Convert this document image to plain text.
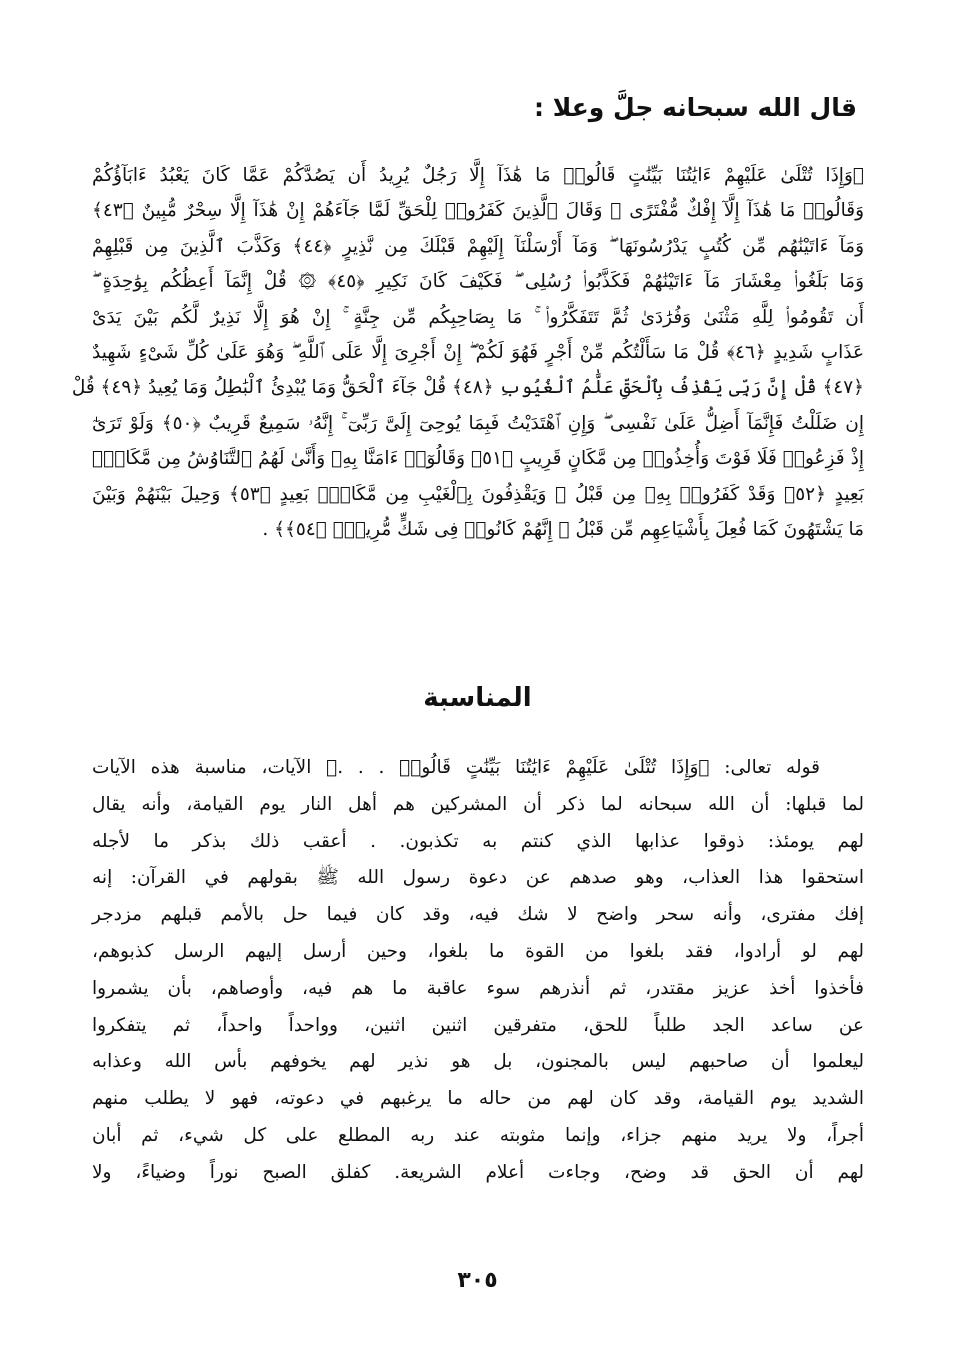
قال الله سبحانه جلَّ وعلا :
﴿وَإِذَا تُتْلَىٰ عَلَيْهِمْ ءَايَٰتُنَا بَيِّنَٰتٍ قَالُوا۟ مَا هَٰذَآ إِلَّا رَجُلٌ يُرِيدُ أَن يَصُدَّكُمْ عَمَّا كَانَ يَعْبُدُ ءَابَآؤُكُمْ
وَقَالُوا۟ مَا هَٰذَآ إِلَّآ إِفْكٌ مُّفْتَرًى ۚ وَقَالَ ٱلَّذِينَ كَفَرُوا۟ لِلْحَقِّ لَمَّا جَآءَهُمْ إِنْ هَٰذَآ إِلَّا سِحْرٌ مُّبِينٌ ﴿٤٣﴾
وَمَآ ءَاتَيْنَٰهُم مِّن كُتُبٍ يَدْرُسُونَهَا ۖ وَمَآ أَرْسَلْنَآ إِلَيْهِمْ قَبْلَكَ مِن نَّذِيرٍ ﴿٤٤﴾ وَكَذَّبَ ٱلَّذِينَ مِن قَبْلِهِمْ
وَمَا بَلَغُوا۟ مِعْشَارَ مَآ ءَاتَيْنَٰهُمْ فَكَذَّبُوا۟ رُسُلِى ۖ فَكَيْفَ كَانَ نَكِيرِ ﴿٤٥﴾ ۞ قُلْ إِنَّمَآ أَعِظُكُم بِوَٰحِدَةٍ ۖ
أَن تَقُومُوا۟ لِلَّهِ مَثْنَىٰ وَفُرَٰدَىٰ ثُمَّ تَتَفَكَّرُوا۟ ۚ مَا بِصَاحِبِكُم مِّن جِنَّةٍ ۚ إِنْ هُوَ إِلَّا نَذِيرٌ لَّكُم بَيْنَ يَدَىْ
عَذَابٍ شَدِيدٍ ﴿٤٦﴾ قُلْ مَا سَأَلْتُكُم مِّنْ أَجْرٍ فَهُوَ لَكُمْ ۖ إِنْ أَجْرِىَ إِلَّا عَلَى ٱللَّهِ ۖ وَهُوَ عَلَىٰ كُلِّ شَىْءٍ شَهِيدٌ
﴿٤٧﴾ قُلْ إِنَّ رَبِّى يَقْذِفُ بِٱلْحَقِّ عَلَّٰمُ ٱلْغُيُوبِ ﴿٤٨﴾ قُلْ جَآءَ ٱلْحَقُّ وَمَا يُبْدِئُ ٱلْبَٰطِلُ وَمَا يُعِيدُ ﴿٤٩﴾ قُلْ
إِن ضَلَلْتُ فَإِنَّمَآ أَضِلُّ عَلَىٰ نَفْسِى ۖ وَإِنِ ٱهْتَدَيْتُ فَبِمَا يُوحِىٓ إِلَىَّ رَبِّىٓ ۚ إِنَّهُۥ سَمِيعٌ قَرِيبٌ ﴿٥٠﴾ وَلَوْ تَرَىٰٓ
إِذْ فَزِعُوا۟ فَلَا فَوْتَ وَأُخِذُوا۟ مِن مَّكَانٍ قَرِيبٍ ﴿٥١﴾ وَقَالُوٓا۟ ءَامَنَّا بِهِۦ وَأَنَّىٰ لَهُمُ ٱلتَّنَاوُشُ مِن مَّكَانٍۭ
بَعِيدٍ ﴿٥٢﴾ وَقَدْ كَفَرُوا۟ بِهِۦ مِن قَبْلُ ۖ وَيَقْذِفُونَ بِٱلْغَيْبِ مِن مَّكَانٍۭ بَعِيدٍ ﴿٥٣﴾ وَحِيلَ بَيْنَهُمْ وَبَيْنَ
مَا يَشْتَهُونَ كَمَا فُعِلَ بِأَشْيَاعِهِم مِّن قَبْلُ ۚ إِنَّهُمْ كَانُوا۟ فِى شَكٍّ مُّرِيبٍۭ ﴿٥٤﴾﴾ .
المناسبة
قوله تعالى: ﴿وَإِذَا تُتْلَىٰ عَلَيْهِمْ ءَايَٰتُنَا بَيِّنَٰتٍ قَالُوا۟ . . .﴾ الآيات، مناسبة هذه الآيات
لما قبلها: أن الله سبحانه لما ذكر أن المشركين هم أهل النار يوم القيامة، وأنه يقال
لهم يومئذ: ذوقوا عذابها الذي كنتم به تكذبون. . أعقب ذلك بذكر ما لأجله
استحقوا هذا العذاب، وهو صدهم عن دعوة رسول الله ﷺ بقولهم في القرآن: إنه
إفك مفترى، وأنه سحر واضح لا شك فيه، وقد كان فيما حل بالأمم قبلهم مزدجر
لهم لو أرادوا، فقد بلغوا من القوة ما بلغوا، وحين أرسل إليهم الرسل كذبوهم،
فأخذوا أخذ عزيز مقتدر، ثم أنذرهم سوء عاقبة ما هم فيه، وأوصاهم، بأن يشمروا
عن ساعد الجد طلباً للحق، متفرقين اثنين اثنين، وواحداً واحداً، ثم يتفكروا
ليعلموا أن صاحبهم ليس بالمجنون، بل هو نذير لهم يخوفهم بأس الله وعذابه
الشديد يوم القيامة، وقد كان لهم من حاله ما يرغبهم في دعوته، فهو لا يطلب منهم
أجراً، ولا يريد منهم جزاء، وإنما مثوبته عند ربه المطلع على كل شيء، ثم أبان
لهم أن الحق قد وضح، وجاءت أعلام الشريعة. كفلق الصبح نوراً وضياءً، ولا
٣٠٥
